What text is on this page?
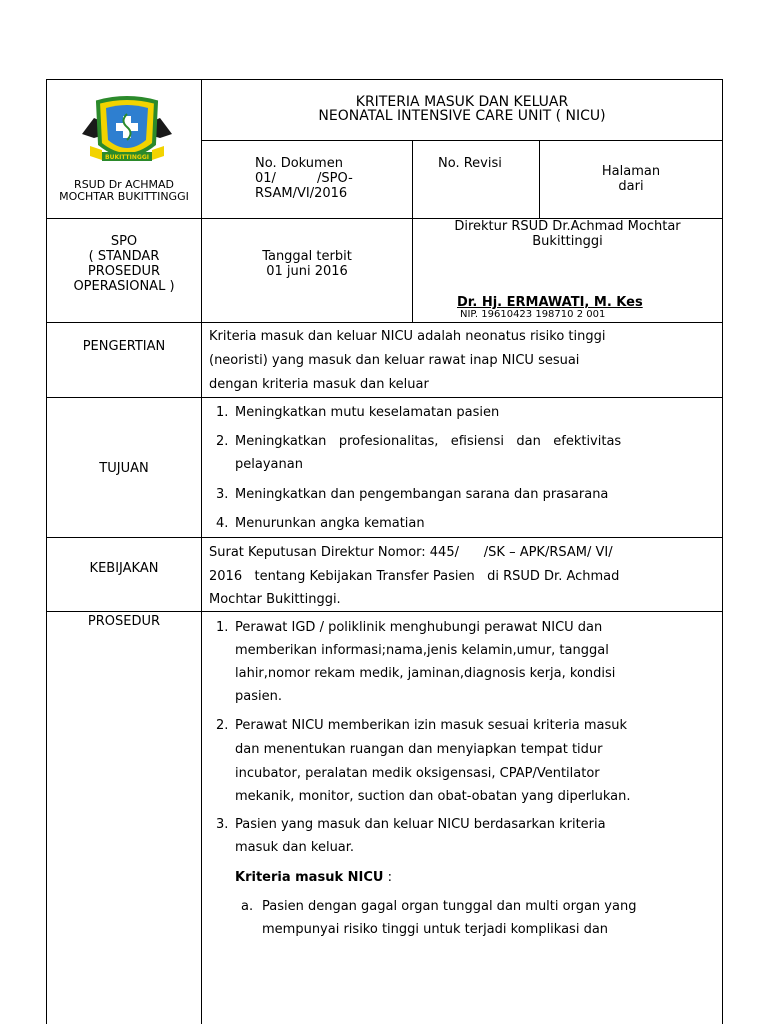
BUKITTINGGI
RSUD Dr ACHMAD
MOCHTAR BUKITTINGGI
KRITERIA MASUK DAN KELUAR
NEONATAL INTENSIVE CARE UNIT ( NICU)
No. Dokumen
01/	/SPO-
RSAM/VI/2016
No. Revisi
Halaman
dari
SPO
( STANDAR
PROSEDUR
OPERASIONAL )
Tanggal terbit
01 juni 2016
Direktur RSUD Dr.Achmad Mochtar
Bukittinggi
Dr. Hj. ERMAWATI, M. Kes
NIP. 19610423 198710 2 001
PENGERTIAN
Kriteria masuk dan keluar NICU adalah neonatus risiko tinggi
(neoristi) yang masuk dan keluar rawat inap NICU sesuai
dengan kriteria masuk dan keluar
TUJUAN
1. Meningkatkan mutu keselamatan pasien
2. Meningkatkan   profesionalitas,   efisiensi   dan   efektivitas
pelayanan
3. Meningkatkan dan pengembangan sarana dan prasarana
4. Menurunkan angka kematian
KEBIJAKAN
Surat Keputusan Direktur Nomor: 445/      /SK – APK/RSAM/ VI/
2016   tentang Kebijakan Transfer Pasien   di RSUD Dr. Achmad
Mochtar Bukittinggi.
PROSEDUR	1. Perawat IGD / poliklinik menghubungi perawat NICU dan
memberikan informasi;nama,jenis kelamin,umur, tanggal
lahir,nomor rekam medik, jaminan,diagnosis kerja, kondisi
pasien.
2. Perawat NICU memberikan izin masuk sesuai kriteria masuk
dan menentukan ruangan dan menyiapkan tempat tidur
incubator, peralatan medik oksigensasi, CPAP/Ventilator
mekanik, monitor, suction dan obat-obatan yang diperlukan.
3. Pasien yang masuk dan keluar NICU berdasarkan kriteria
masuk dan keluar.
Kriteria masuk NICU :
a. Pasien dengan gagal organ tunggal dan multi organ yang
mempunyai risiko tinggi untuk terjadi komplikasi dan
